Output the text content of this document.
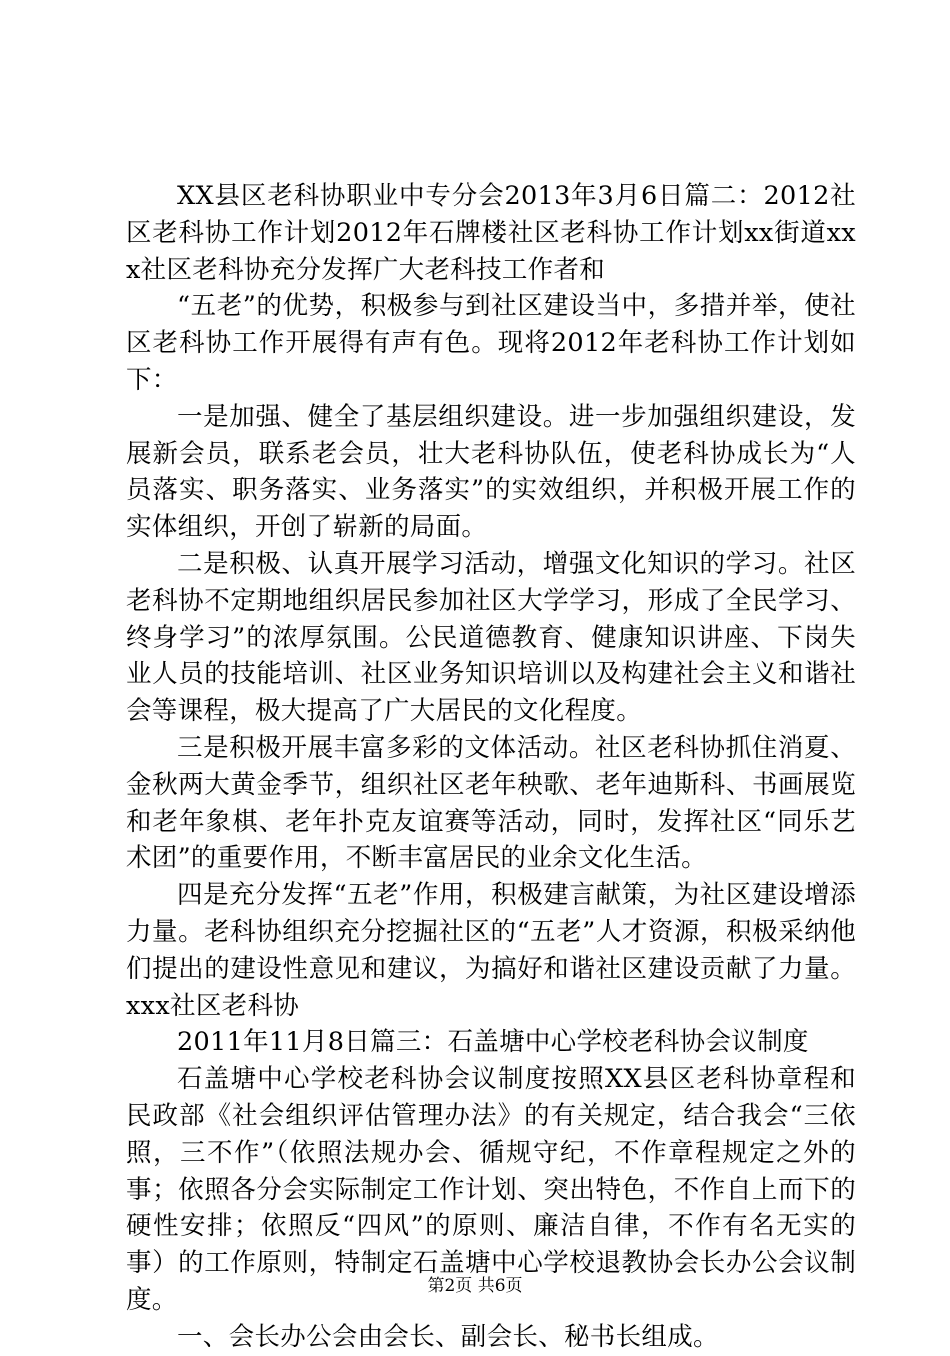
XX县区老科协职业中专分会2013年3月6日篇二：2012社区老科协工作计划2012年石牌楼社区老科协工作计划xx街道xxx社区老科协充分发挥广大老科技工作者和

“五老”的优势，积极参与到社区建设当中，多措并举，使社区老科协工作开展得有声有色。现将2012年老科协工作计划如下：

一是加强、健全了基层组织建设。进一步加强组织建设，发展新会员，联系老会员，壮大老科协队伍，使老科协成长为“人员落实、职务落实、业务落实”的实效组织，并积极开展工作的实体组织，开创了崭新的局面。

二是积极、认真开展学习活动，增强文化知识的学习。社区老科协不定期地组织居民参加社区大学学习，形成了全民学习、终身学习”的浓厚氛围。公民道德教育、健康知识讲座、下岗失业人员的技能培训、社区业务知识培训以及构建社会主义和谐社会等课程，极大提高了广大居民的文化程度。

三是积极开展丰富多彩的文体活动。社区老科协抓住消夏、金秋两大黄金季节，组织社区老年秧歌、老年迪斯科、书画展览和老年象棋、老年扑克友谊赛等活动，同时，发挥社区“同乐艺术团”的重要作用，不断丰富居民的业余文化生活。

四是充分发挥“五老”作用，积极建言献策，为社区建设增添力量。老科协组织充分挖掘社区的“五老”人才资源，积极采纳他们提出的建设性意见和建议，为搞好和谐社区建设贡献了力量。xxx社区老科协

2011年11月8日篇三：石盖塘中心学校老科协会议制度

石盖塘中心学校老科协会议制度按照XX县区老科协章程和民政部《社会组织评估管理办法》的有关规定，结合我会“三依照，三不作”（依照法规办会、循规守纪，不作章程规定之外的事；依照各分会实际制定工作计划、突出特色，不作自上而下的硬性安排；依照反“四风”的原则、廉洁自律，不作有名无实的事）的工作原则，特制定石盖塘中心学校退教协会长办公会议制度。

一、会长办公会由会长、副会长、秘书长组成。

第2页 共6页
